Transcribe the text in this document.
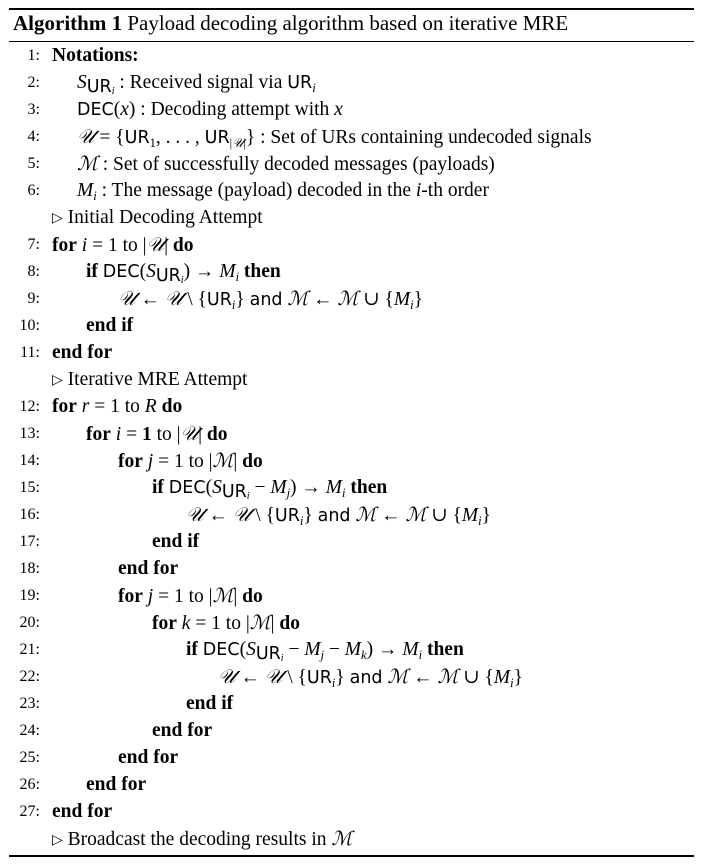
Algorithm 1 Payload decoding algorithm based on iterative MRE
1: Notations:
2: $S_{UR_i}$ : Received signal via $UR_i$
3: DEC(x) : Decoding attempt with x
4: 𝒰 = {$UR_1$, . . . , $UR_{|𝒰|}$} : Set of URs containing undecoded signals
5: ℳ : Set of successfully decoded messages (payloads)
6: $M_i$ : The message (payload) decoded in the i-th order
▷ Initial Decoding Attempt
7: for i = 1 to |𝒰| do
8: if $DEC(S_{UR_i}) \to M_i$ then
9:	𝒰 ← 𝒰 \ $\{UR_i\}$ and ℳ ← ℳ ∪ $\{M_i\}$
10: end if
11: end for
▷ Iterative MRE Attempt
12: for r = 1 to R do
13: for i = 1 to |𝒰| do
14:	for j = 1 to |ℳ| do
15:	if $DEC(S_{UR_i} - M_j) \to M_i$ then
16:	𝒰 ← 𝒰 \ $\{UR_i\}$ and ℳ ← ℳ ∪ $\{M_i\}$
17:	end if
18:	end for
19:	for j = 1 to |ℳ| do
20:	for k = 1 to |ℳ| do
21:	if $DEC(S_{UR_i} - M_j - M_k) \to M_i$ then
22:	𝒰 ← 𝒰 \ $\{UR_i\}$ and ℳ ← ℳ ∪ $\{M_i\}$
23:	end if
24:	end for
25:	end for
26: end for
27: end for
▷ Broadcast the decoding results in ℳ
